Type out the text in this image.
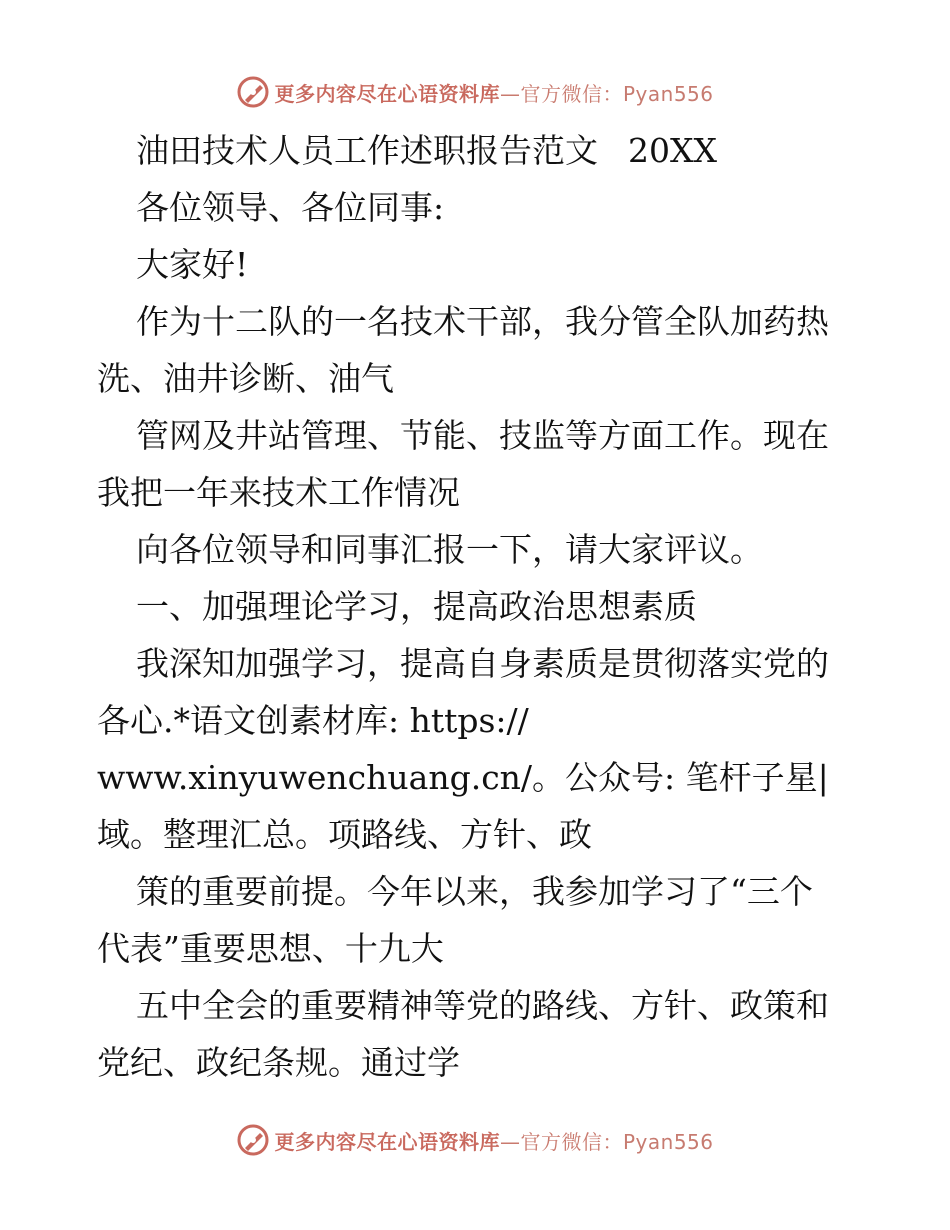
更多内容尽在心语资料库—官方微信：Pyan556
油田技术人员工作述职报告范文 20XX
各位领导、各位同事:
大家好!
作为十二队的一名技术干部，我分管全队加药热
洗、油井诊断、油气
管网及井站管理、节能、技监等方面工作。现在
我把一年来技术工作情况
向各位领导和同事汇报一下，请大家评议。
一、加强理论学习，提高政治思想素质
我深知加强学习，提高自身素质是贯彻落实党的
各心.*语文创素材库: https://
www.xinyuwenchuang.cn/。公众号: 笔杆子星|
域。整理汇总。项路线、方针、政
策的重要前提。今年以来，我参加学习了“三个
代表”重要思想、十九大
五中全会的重要精神等党的路线、方针、政策和
党纪、政纪条规。通过学
更多内容尽在心语资料库—官方微信：Pyan556
